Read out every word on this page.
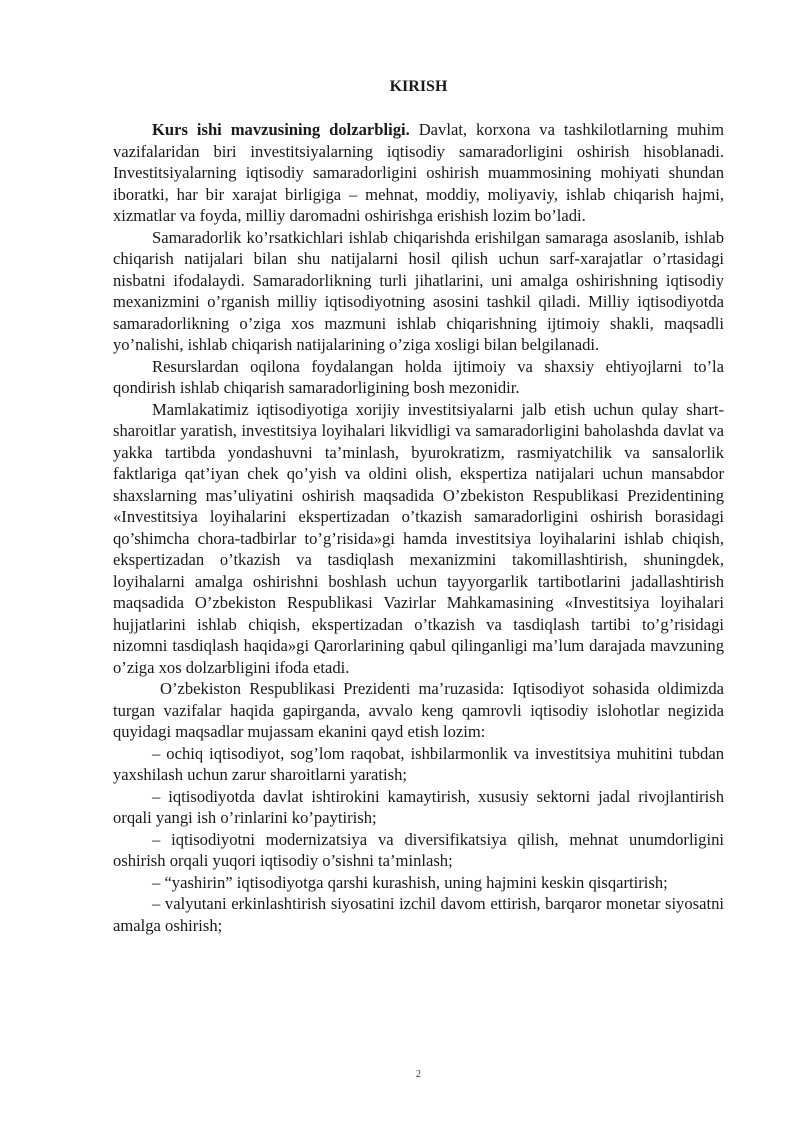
KIRISH

Kurs ishi mavzusining dolzarbligi. Davlat, korxona va tashkilotlarning muhim vazifalaridan biri investitsiyalarning iqtisodiy samaradorligini oshirish hisoblanadi. Investitsiyalarning iqtisodiy samaradorligini oshirish muammosining mohiyati shundan iboratki, har bir xarajat birligiga – mehnat, moddiy, moliyaviy, ishlab chiqarish hajmi, xizmatlar va foyda, milliy daromadni oshirishga erishish lozim bo’ladi.

Samaradorlik ko’rsatkichlari ishlab chiqarishda erishilgan samaraga asoslanib, ishlab chiqarish natijalari bilan shu natijalarni hosil qilish uchun sarf-xarajatlar o’rtasidagi nisbatni ifodalaydi. Samaradorlikning turli jihatlarini, uni amalga oshirishning iqtisodiy mexanizmini o’rganish milliy iqtisodiyotning asosini tashkil qiladi. Milliy iqtisodiyotda samaradorlikning o’ziga xos mazmuni ishlab chiqarishning ijtimoiy shakli, maqsadli yo’nalishi, ishlab chiqarish natijalarining o’ziga xosligi bilan belgilanadi.

Resurslardan oqilona foydalangan holda ijtimoiy va shaxsiy ehtiyojlarni to’la qondirish ishlab chiqarish samaradorligining bosh mezonidir.

Mamlakatimiz iqtisodiyotiga xorijiy investitsiyalarni jalb etish uchun qulay shart-sharoitlar yaratish, investitsiya loyihalari likvidligi va samaradorligini baholashda davlat va yakka tartibda yondashuvni ta’minlash, byurokratizm, rasmiyatchilik va sansalorlik faktlariga qat’iyan chek qo’yish va oldini olish, ekspertiza natijalari uchun mansabdor shaxslarning mas’uliyatini oshirish maqsadida O’zbekiston Respublikasi Prezidentining «Investitsiya loyihalarini ekspertizadan o’tkazish samaradorligini oshirish borasidagi qo’shimcha chora-tadbirlar to’g’risida»gi hamda investitsiya loyihalarini ishlab chiqish, ekspertizadan o’tkazish va tasdiqlash mexanizmini takomillashtirish, shuningdek, loyihalarni amalga oshirishni boshlash uchun tayyorgarlik tartibotlarini jadallashtirish maqsadida O’zbekiston Respublikasi Vazirlar Mahkamasining «Investitsiya loyihalari hujjatlarini ishlab chiqish, ekspertizadan o’tkazish va tasdiqlash tartibi to’g’risidagi nizomni tasdiqlash haqida»gi Qarorlarining qabul qilinganligi ma’lum darajada mavzuning o’ziga xos dolzarbligini ifoda etadi.

O’zbekiston Respublikasi Prezidenti ma’ruzasida: Iqtisodiyot sohasida oldimizda turgan vazifalar haqida gapirganda, avvalo keng qamrovli iqtisodiy islohotlar negizida quyidagi maqsadlar mujassam ekanini qayd etish lozim:

– ochiq iqtisodiyot, sog’lom raqobat, ishbilarmonlik va investitsiya muhitini tubdan yaxshilash uchun zarur sharoitlarni yaratish;

– iqtisodiyotda davlat ishtirokini kamaytirish, xususiy sektorni jadal rivojlantirish orqali yangi ish o’rinlarini ko’paytirish;

– iqtisodiyotni modernizatsiya va diversifikatsiya qilish, mehnat unumdorligini oshirish orqali yuqori iqtisodiy o’sishni ta’minlash;

– “yashirin” iqtisodiyotga qarshi kurashish, uning hajmini keskin qisqartirish;

– valyutani erkinlashtirish siyosatini izchil davom ettirish, barqaror monetar siyosatni amalga oshirish;

2
